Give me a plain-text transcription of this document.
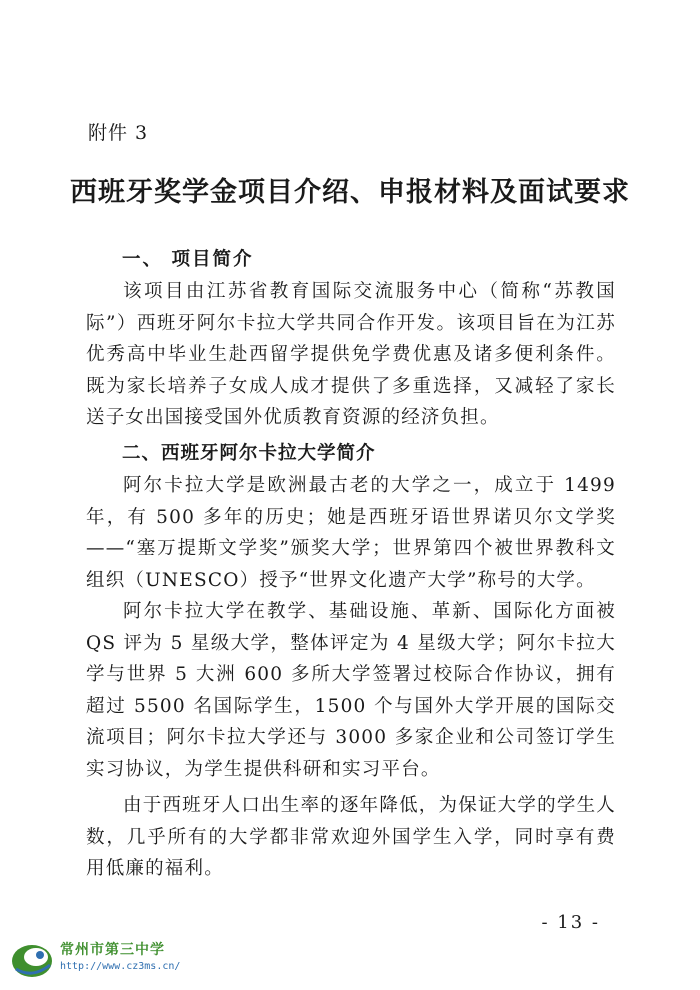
附件 3
西班牙奖学金项目介绍、申报材料及面试要求
一、 项目简介

该项目由江苏省教育国际交流服务中心（简称“苏教国际”）西班牙阿尔卡拉大学共同合作开发。该项目旨在为江苏优秀高中毕业生赴西留学提供免学费优惠及诸多便利条件。既为家长培养子女成人成才提供了多重选择，又减轻了家长送子女出国接受国外优质教育资源的经济负担。

二、西班牙阿尔卡拉大学简介

阿尔卡拉大学是欧洲最古老的大学之一，成立于 1499 年，有 500 多年的历史；她是西班牙语世界诺贝尔文学奖——“塞万提斯文学奖”颁奖大学；世界第四个被世界教科文组织（UNESCO）授予“世界文化遗产大学”称号的大学。

阿尔卡拉大学在教学、基础设施、革新、国际化方面被 QS 评为 5 星级大学，整体评定为 4 星级大学；阿尔卡拉大学与世界 5 大洲 600 多所大学签署过校际合作协议，拥有超过 5500 名国际学生，1500 个与国外大学开展的国际交流项目；阿尔卡拉大学还与 3000 多家企业和公司签订学生实习协议，为学生提供科研和实习平台。

由于西班牙人口出生率的逐年降低，为保证大学的学生人数，几乎所有的大学都非常欢迎外国学生入学，同时享有费用低廉的福利。

- 13 -
常州市第三中学
http://www.cz3ms.cn/
